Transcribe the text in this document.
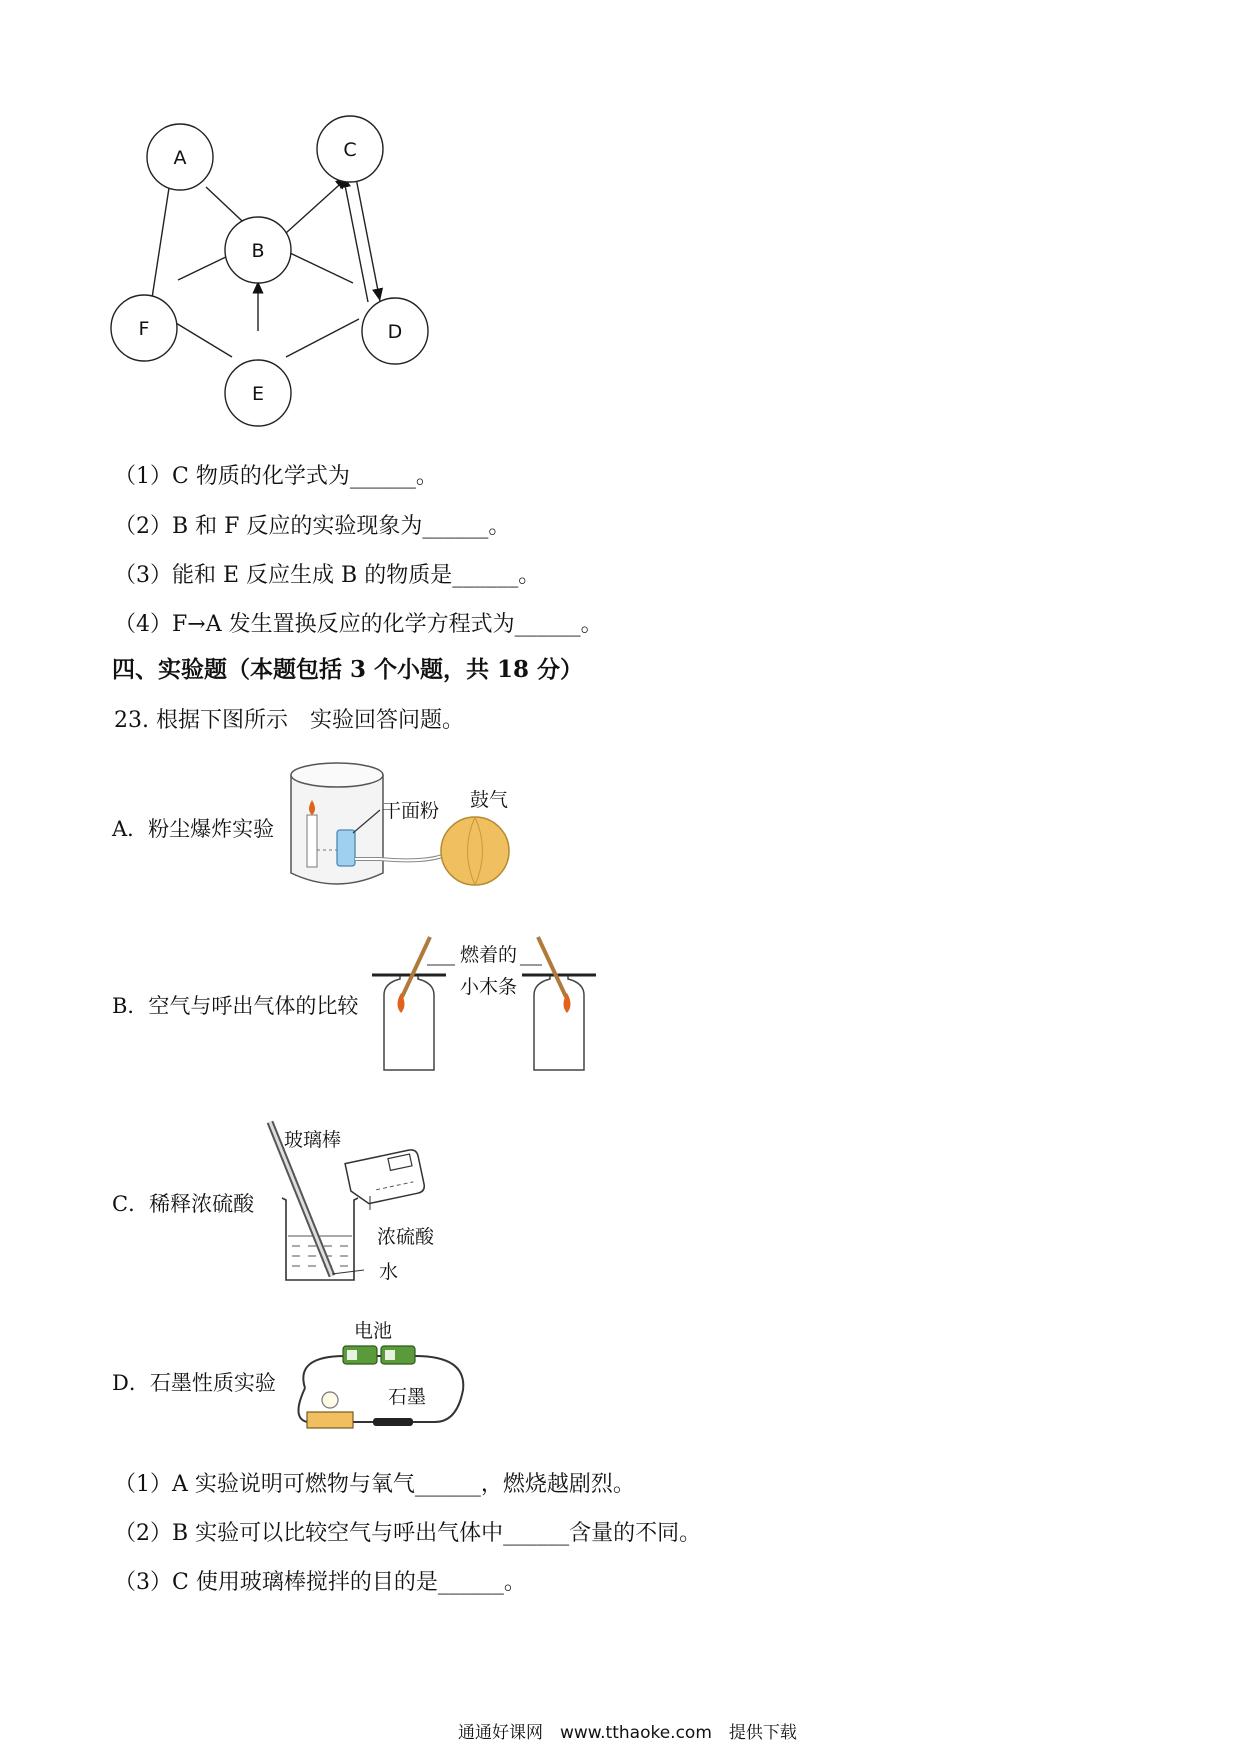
A
B
C
D
E
F
（1）C 物质的化学式为______。
（2）B 和 F 反应的实验现象为______。
（3）能和 E 反应生成 B 的物质是______。
（4）F→A 发生置换反应的化学方程式为______。
四、实验题（本题包括 3 个小题，共 18 分）
23. 根据下图所示　实验回答问题。
A．粉尘爆炸实验
干面粉 鼓气
B．空气与呼出气体的比较
燃着的
小木条
C．稀释浓硫酸
玻璃棒
浓硫酸
水
D．石墨性质实验
电池
石墨
（1）A 实验说明可燃物与氧气______，燃烧越剧烈。
（2）B 实验可以比较空气与呼出气体中______含量的不同。
（3）C 使用玻璃棒搅拌的目的是______。
通通好课网　www.tthaoke.com　提供下载
